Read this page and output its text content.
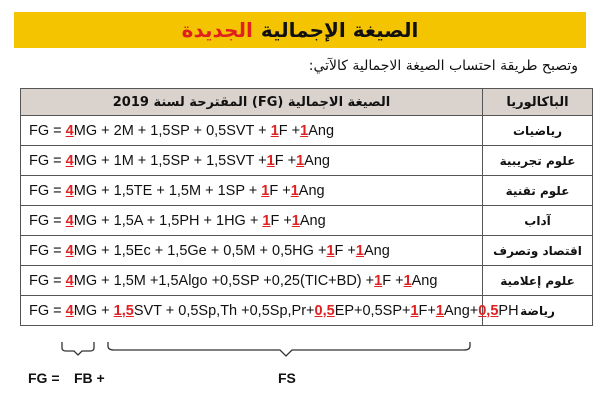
الصيغة الإجمالية
الجديدة
وتصبح طريقة احتساب الصيغة الاجمالية كالآتي:
الصيغة الاجمالية (FG) المقترحة لسنة 2019	الباكالوريا
FG = 4MG + 2M + 1,5SP + 0,5SVT + 1F +1Ang	رياضيات
FG = 4MG + 1M + 1,5SP + 1,5SVT +1F +1Ang	علوم تجريبية
FG = 4MG + 1,5TE + 1,5M + 1SP + 1F +1Ang	علوم تقنية
FG = 4MG + 1,5A + 1,5PH + 1HG + 1F +1Ang	آداب
FG = 4MG + 1,5Ec + 1,5Ge + 0,5M + 0,5HG +1F +1Ang	اقتصاد وتصرف
FG = 4MG + 1,5M +1,5Algo +0,5SP +0,25(TIC+BD) +1F +1Ang	علوم إعلامية
FG = 4MG + 1,5SVT + 0,5Sp,Th +0,5Sp,Pr+0,5EP+0,5SP+1F+1Ang+0,5PH	رياضة
FG = FB +	FS
